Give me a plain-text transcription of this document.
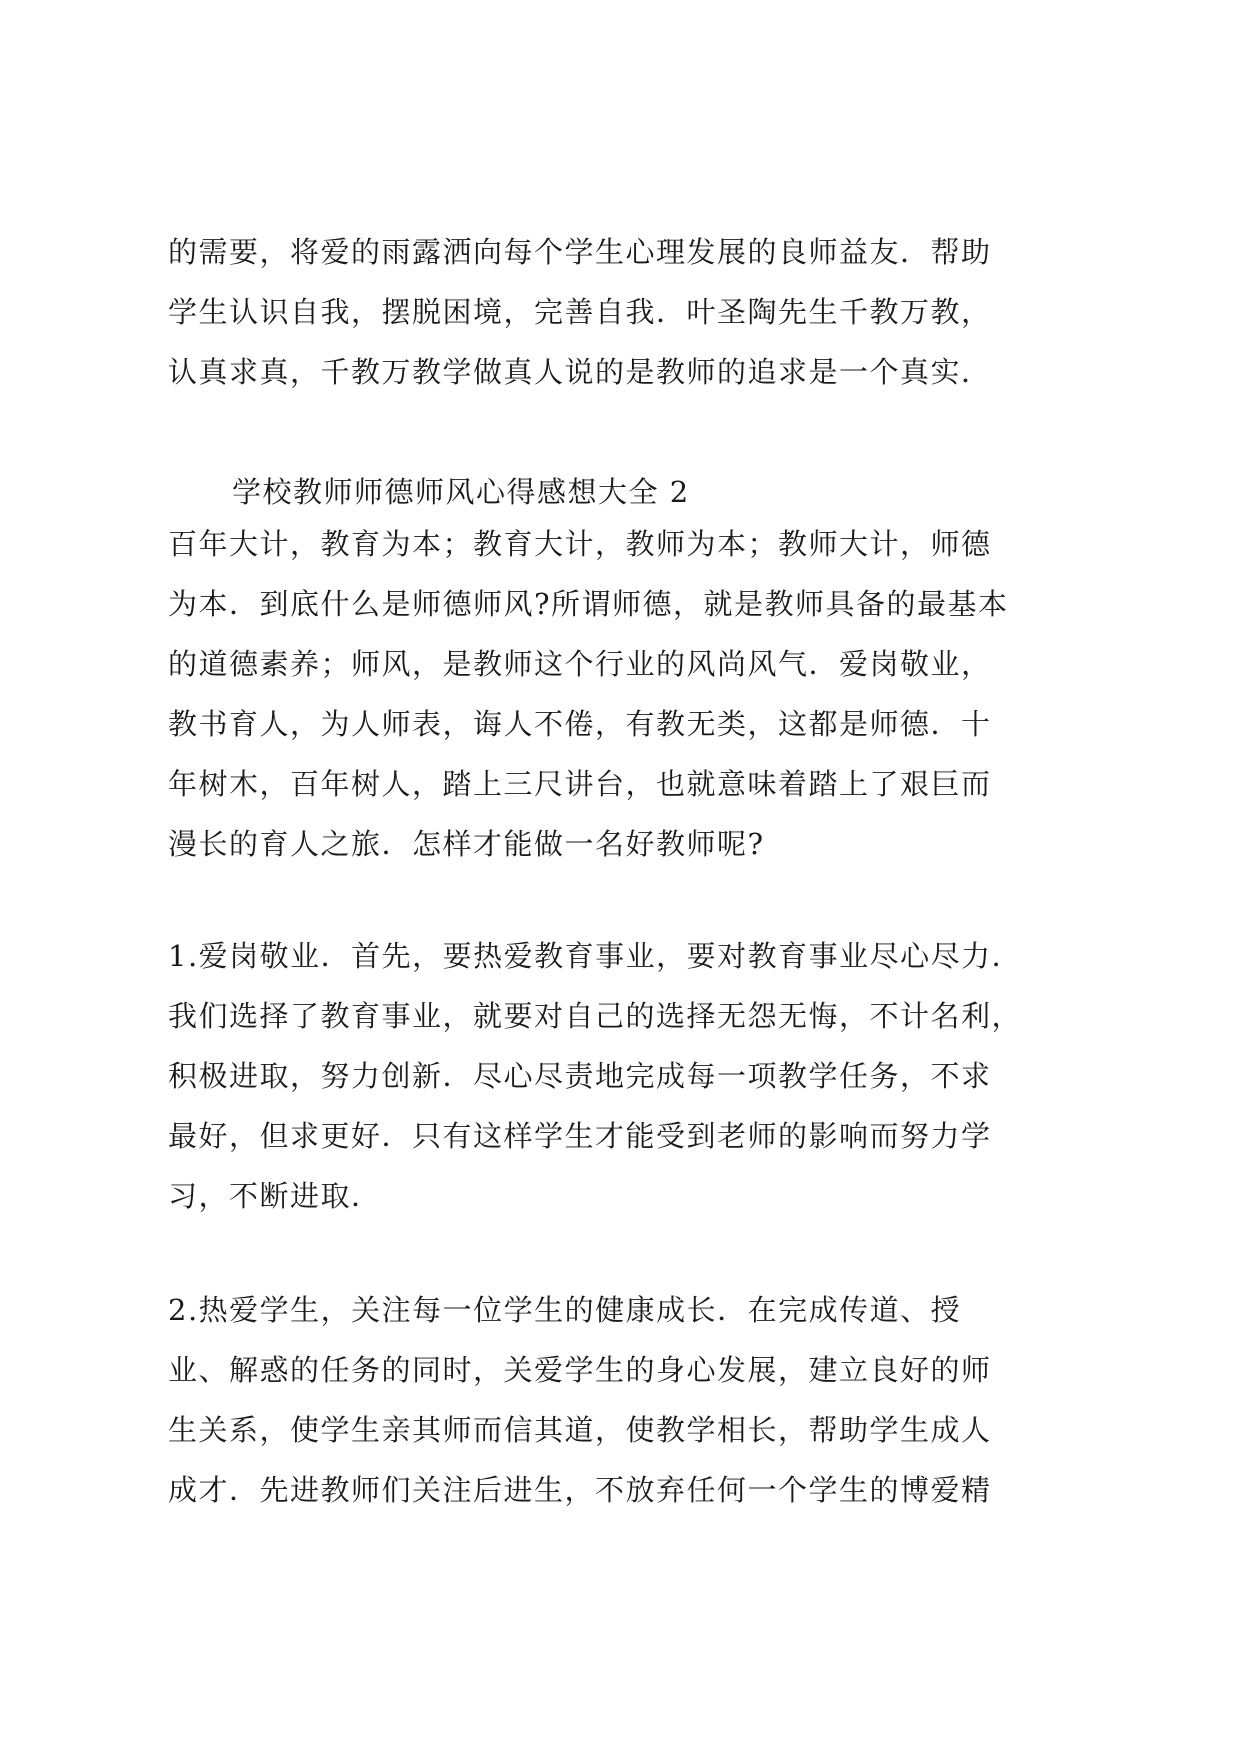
的需要，将爱的雨露洒向每个学生心理发展的良师益友．帮助
学生认识自我，摆脱困境，完善自我．叶圣陶先生千教万教，
认真求真，千教万教学做真人说的是教师的追求是一个真实．
学校教师师德师风心得感想大全 2
百年大计，教育为本；教育大计，教师为本；教师大计，师德
为本．到底什么是师德师风?所谓师德，就是教师具备的最基本
的道德素养；师风，是教师这个行业的风尚风气．爱岗敬业，
教书育人，为人师表，诲人不倦，有教无类，这都是师德．十
年树木，百年树人，踏上三尺讲台，也就意味着踏上了艰巨而
漫长的育人之旅．怎样才能做一名好教师呢?
1.爱岗敬业．首先，要热爱教育事业，要对教育事业尽心尽力．
我们选择了教育事业，就要对自己的选择无怨无悔，不计名利，
积极进取，努力创新．尽心尽责地完成每一项教学任务，不求
最好，但求更好．只有这样学生才能受到老师的影响而努力学
习，不断进取．
2.热爱学生，关注每一位学生的健康成长．在完成传道、授
业、解惑的任务的同时，关爱学生的身心发展，建立良好的师
生关系，使学生亲其师而信其道，使教学相长，帮助学生成人
成才．先进教师们关注后进生，不放弃任何一个学生的博爱精
